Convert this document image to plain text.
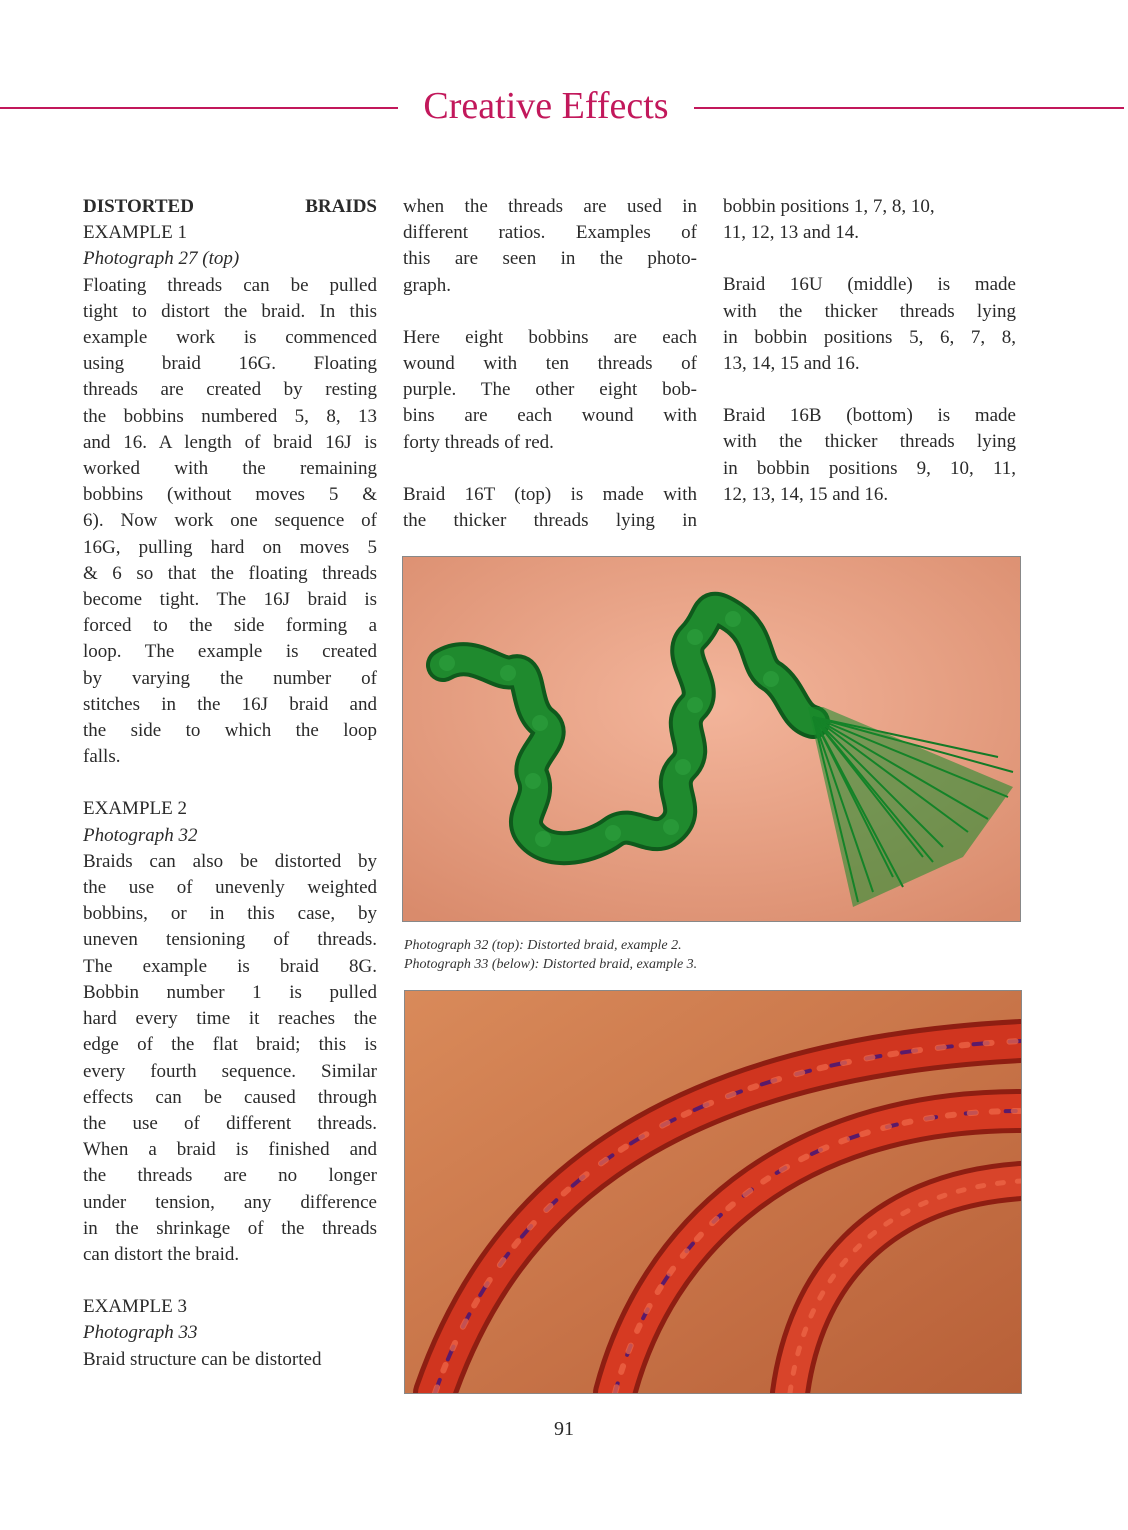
Creative Effects

DISTORTED BRAIDS

EXAMPLE 1

Photograph 27 (top)

Floating threads can be pulled
tight to distort the braid. In this
example work is commenced
using braid 16G. Floating
threads are created by resting
the bobbins numbered 5, 8, 13
and 16. A length of braid 16J is
worked with the remaining
bobbins (without moves 5 &
6). Now work one sequence of
16G, pulling hard on moves 5
& 6 so that the floating threads
become tight. The 16J braid is
forced to the side forming a
loop. The example is created
by varying the number of
stitches in the 16J braid and
the side to which the loop

falls.

EXAMPLE 2

Photograph 32

Braids can also be distorted by
the use of unevenly weighted
bobbins, or in this case, by
uneven tensioning of threads.
The example is braid 8G.
Bobbin number 1 is pulled
hard every time it reaches the
edge of the flat braid; this is
every fourth sequence. Similar
effects can be caused through
the use of different threads.
When a braid is finished and
the threads are no longer
under tension, any difference
in the shrinkage of the threads

can distort the braid.

EXAMPLE 3

Photograph 33

Braid structure can be distorted

when the threads are used in
different ratios. Examples of
this are seen in the photo-

graph.

Here eight bobbins are each
wound with ten threads of
purple. The other eight bob-
bins are each wound with

forty threads of red.

Braid 16T (top) is made with
the thicker threads lying in

bobbin positions 1, 7, 8, 10,

11, 12, 13 and 14.

Braid 16U (middle) is made
with the thicker threads lying
in bobbin positions 5, 6, 7, 8,

13, 14, 15 and 16.

Braid 16B (bottom) is made
with the thicker threads lying
in bobbin positions 9, 10, 11,

12, 13, 14, 15 and 16.

Photograph 32 (top): Distorted braid, example 2.
Photograph 33 (below): Distorted braid, example 3.
91
